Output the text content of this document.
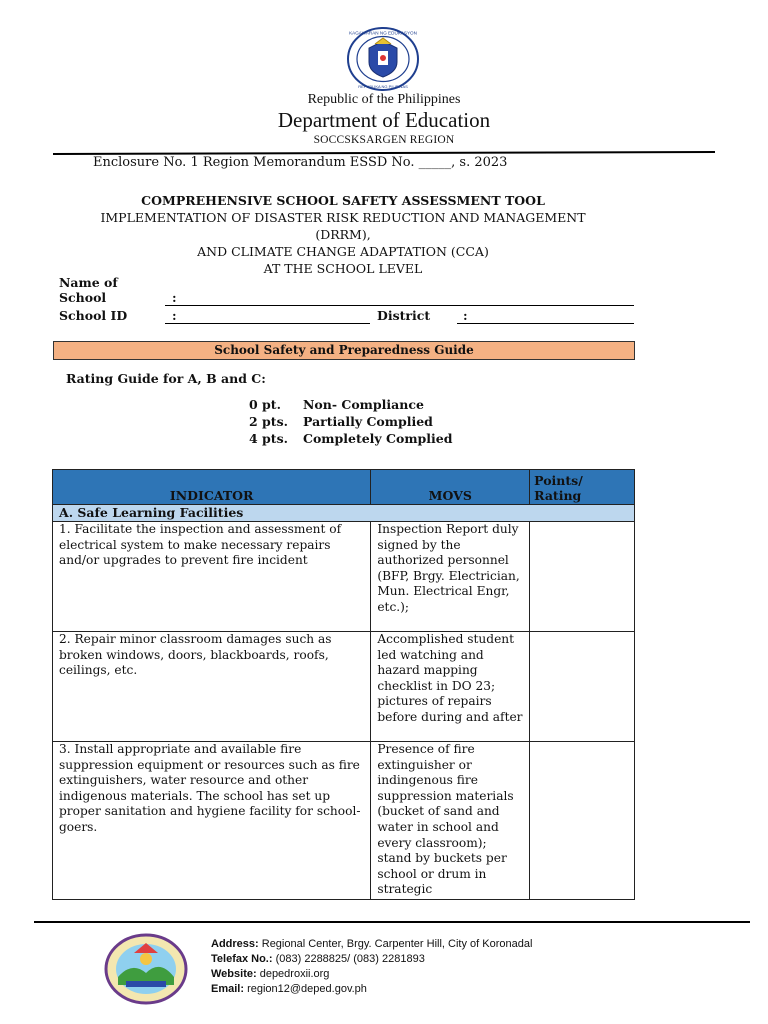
KAGAWARAN NG EDUKASYON
REPUBLIKA NG PILIPINAS
Republic of the Philippines
Department of Education
SOCCSKSARGEN REGION
Enclosure No. 1 Region Memorandum ESSD No. _____, s. 2023
COMPREHENSIVE SCHOOL SAFETY ASSESSMENT TOOL
IMPLEMENTATION OF DISASTER RISK REDUCTION AND MANAGEMENT
(DRRM),
AND CLIMATE CHANGE ADAPTATION (CCA)
AT THE SCHOOL LEVEL
Name of
School	:
School ID	:	District	:
School Safety and Preparedness Guide
Rating Guide for A, B and C:
0 pt. Non- Compliance
2 pts. Partially Complied
4 pts. Completely Complied
INDICATOR	MOVS	Points/
Rating

A. Safe Learning Facilities		
1. Facilitate the inspection and assessment of electrical system to make necessary repairs and/or upgrades to prevent fire incident	Inspection Report duly signed by the authorized personnel (BFP, Brgy. Electrician, Mun. Electrical Engr, etc.);	
2. Repair minor classroom damages such as broken windows, doors, blackboards, roofs, ceilings, etc.	Accomplished student led watching and hazard mapping checklist in DO 23; pictures of repairs before during and after	
3. Install appropriate and available fire suppression equipment or resources such as fire extinguishers, water resource and other indigenous materials. The school has set up proper sanitation and hygiene facility for school-goers.	Presence of fire extinguisher or indingenous fire suppression materials (bucket of sand and water in school and every classroom); stand by buckets per school or drum in strategic	
Address: Regional Center, Brgy. Carpenter Hill, City of Koronadal
Telefax No.: (083) 2288825/ (083) 2281893
Website: depedroxii.org
Email: region12@deped.gov.ph
